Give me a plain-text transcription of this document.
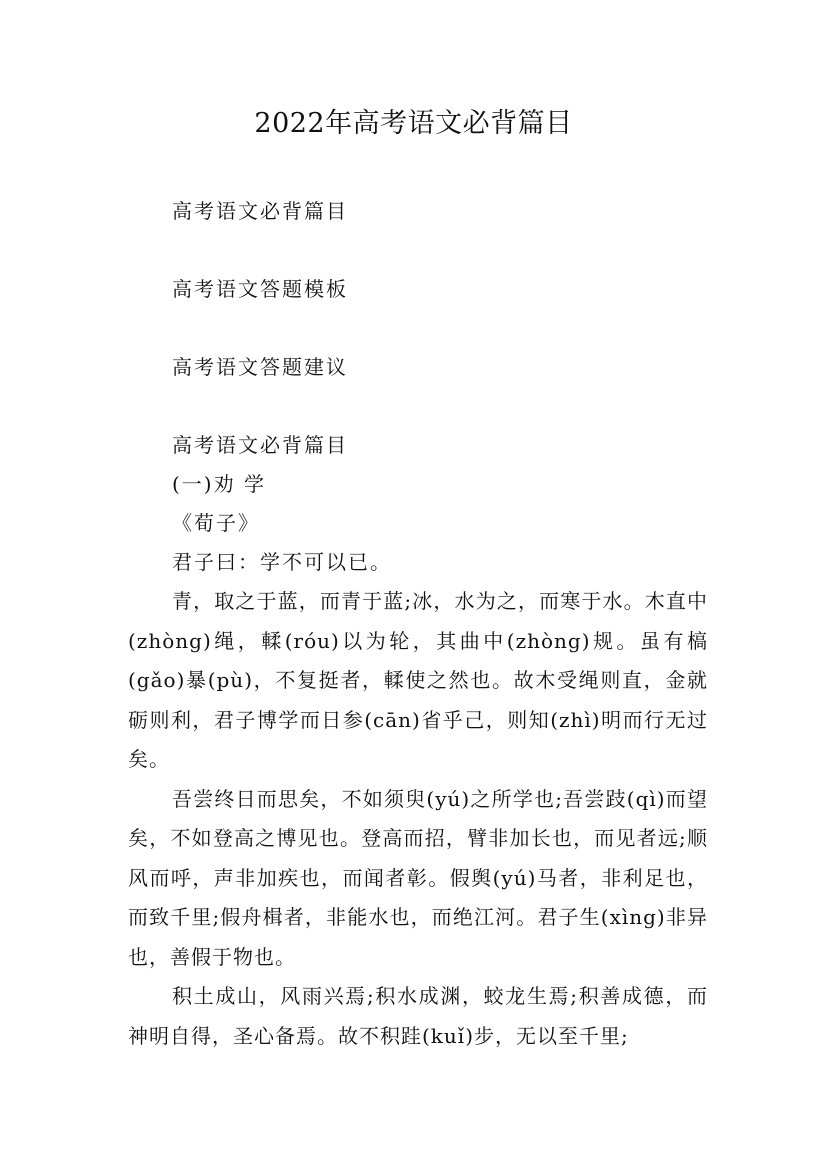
2022年高考语文必背篇目
高考语文必背篇目
高考语文答题模板
高考语文答题建议
高考语文必背篇目
(一)劝 学
《荀子》
君子曰：学不可以已。

青，取之于蓝，而青于蓝;冰，水为之，而寒于水。木直中(zhòng)绳，輮(róu)以为轮，其曲中(zhòng)规。虽有槁(gǎo)暴(pù)，不复挺者，輮使之然也。故木受绳则直，金就砺则利，君子博学而日参(cān)省乎己，则知(zhì)明而行无过矣。

吾尝终日而思矣，不如须臾(yú)之所学也;吾尝跂(qì)而望矣，不如登高之博见也。登高而招，臂非加长也，而见者远;顺风而呼，声非加疾也，而闻者彰。假舆(yú)马者，非利足也，而致千里;假舟楫者，非能水也，而绝江河。君子生(xìng)非异也，善假于物也。

积土成山，风雨兴焉;积水成渊，蛟龙生焉;积善成德，而神明自得，圣心备焉。故不积跬(kuǐ)步，无以至千里;
